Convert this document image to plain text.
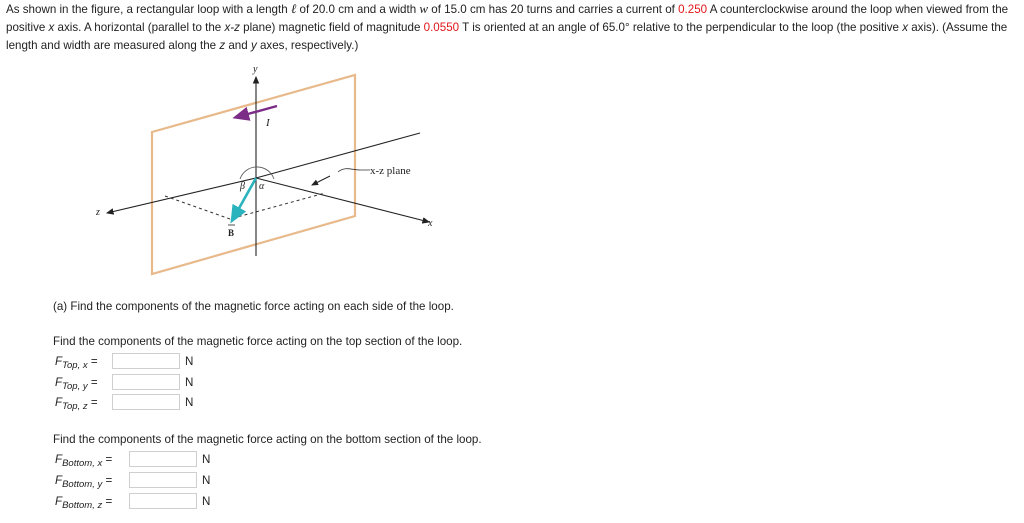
As shown in the figure, a rectangular loop with a length ℓ of 20.0 cm and a width w of 15.0 cm has 20 turns and carries a current of 0.250 A counterclockwise around the loop when viewed from the positive x axis. A horizontal (parallel to the x-z plane) magnetic field of magnitude 0.0550 T is oriented at an angle of 65.0° relative to the perpendicular to the loop (the positive x axis). (Assume the length and width are measured along the z and y axes, respectively.)
y
x
z
I
β α
B
x-z plane
(a) Find the components of the magnetic force acting on each side of the loop.
Find the components of the magnetic force acting on the top section of the loop.
$F_{Top, x}$ =	N
$F_{Top, y}$ =	N
$F_{Top, z}$ =	N
Find the components of the magnetic force acting on the bottom section of the loop.
$F_{Bottom, x}$ =	N
$F_{Bottom, y}$ =	N
$F_{Bottom, z}$ =	N
